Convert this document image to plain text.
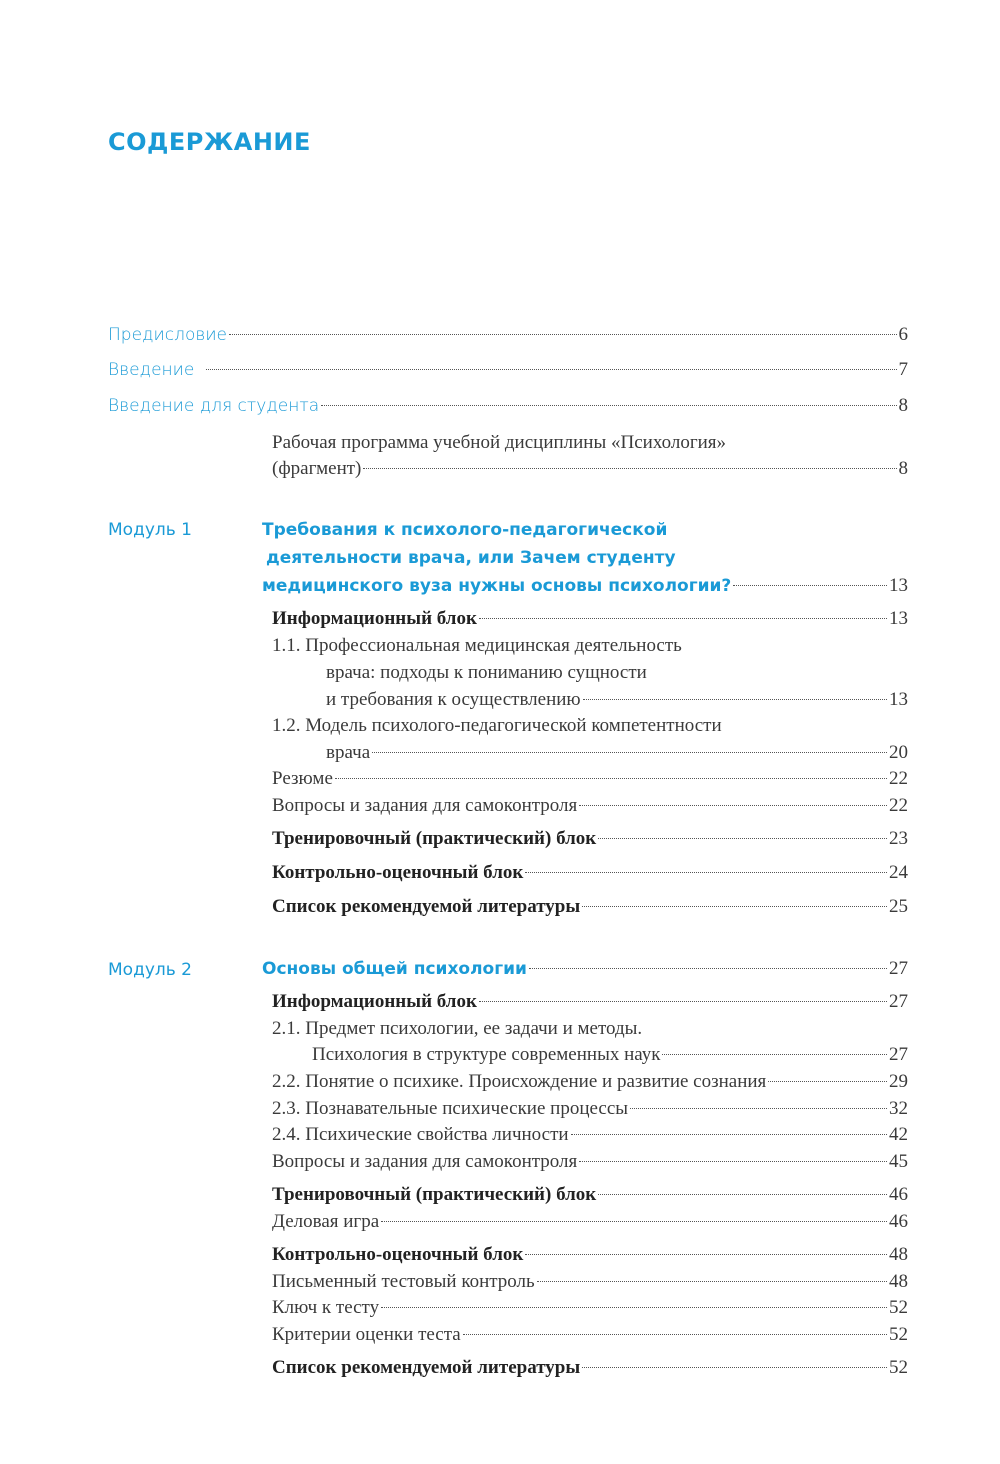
СОДЕРЖАНИЕ
Предисловие	6
Введение	7
Введение для студента	8
Рабочая программа учебной дисциплины «Психология»
(фрагмент)	8
Модуль 1	Требования к психолого-педагогической
деятельности врача, или Зачем студенту
медицинского вуза нужны основы психологии?	13
Информационный блок	13
1.1. Профессиональная медицинская деятельность
врача: подходы к пониманию сущности
и требования к осуществлению	13
1.2. Модель психолого-педагогической компетентности
врача	20
Резюме	22
Вопросы и задания для самоконтроля	22
Тренировочный (практический) блок	23
Контрольно-оценочный блок	24
Список рекомендуемой литературы	25
Модуль 2	Основы общей психологии	27
Информационный блок	27
2.1. Предмет психологии, ее задачи и методы.
Психология в структуре современных наук	27
2.2. Понятие о психике. Происхождение и развитие сознания	29
2.3. Познавательные психические процессы	32
2.4. Психические свойства личности	42
Вопросы и задания для самоконтроля	45
Тренировочный (практический) блок	46
Деловая игра	46
Контрольно-оценочный блок	48
Письменный тестовый контроль	48
Ключ к тесту	52
Критерии оценки теста	52
Список рекомендуемой литературы	52
